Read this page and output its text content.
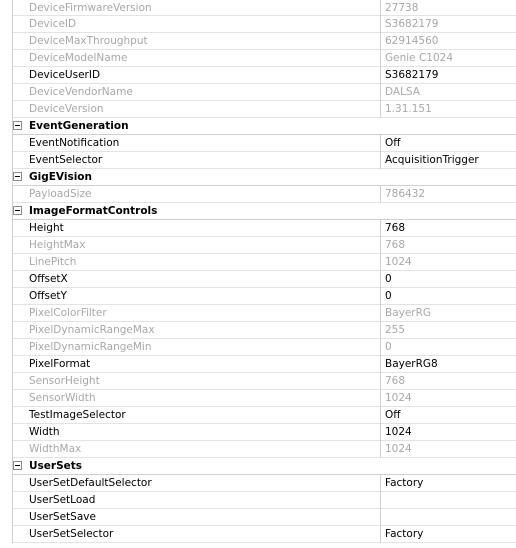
DeviceFirmwareVersion	27738
DeviceID	S3682179
DeviceMaxThroughput	62914560
DeviceModelName	Genie C1024
DeviceUserID	S3682179
DeviceVendorName	DALSA
DeviceVersion	1.31.151
EventGeneration
EventNotification	Off
EventSelector	AcquisitionTrigger
GigEVision
PayloadSize	786432
ImageFormatControls
Height	768
HeightMax	768
LinePitch	1024
OffsetX	0
OffsetY	0
PixelColorFilter	BayerRG
PixelDynamicRangeMax	255
PixelDynamicRangeMin	0
PixelFormat	BayerRG8
SensorHeight	768
SensorWidth	1024
TestImageSelector	Off
Width	1024
WidthMax	1024
UserSets
UserSetDefaultSelector	Factory
UserSetLoad
UserSetSave
UserSetSelector	Factory
